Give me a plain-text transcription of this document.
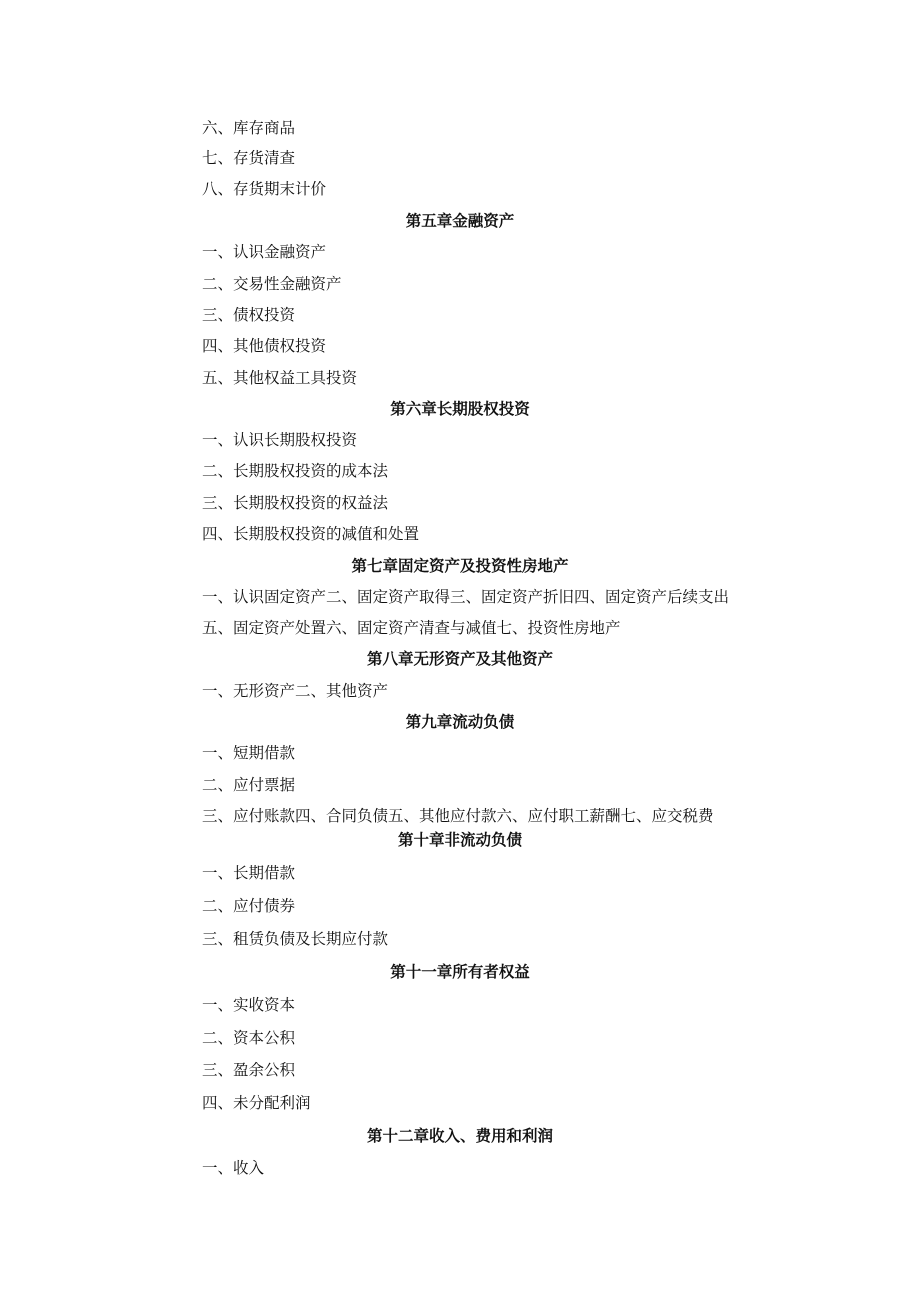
六、库存商品
七、存货清查
八、存货期末计价
第五章金融资产
一、认识金融资产
二、交易性金融资产
三、债权投资
四、其他债权投资
五、其他权益工具投资
第六章长期股权投资
一、认识长期股权投资
二、长期股权投资的成本法
三、长期股权投资的权益法
四、长期股权投资的减值和处置
第七章固定资产及投资性房地产
一、认识固定资产二、固定资产取得三、固定资产折旧四、固定资产后续支出
五、固定资产处置六、固定资产清查与减值七、投资性房地产
第八章无形资产及其他资产
一、无形资产二、其他资产
第九章流动负债
一、短期借款
二、应付票据
三、应付账款四、合同负债五、其他应付款六、应付职工薪酬七、应交税费
第十章非流动负债
一、长期借款
二、应付债券
三、租赁负债及长期应付款
第十一章所有者权益
一、实收资本
二、资本公积
三、盈余公积
四、未分配利润
第十二章收入、费用和利润
一、收入
